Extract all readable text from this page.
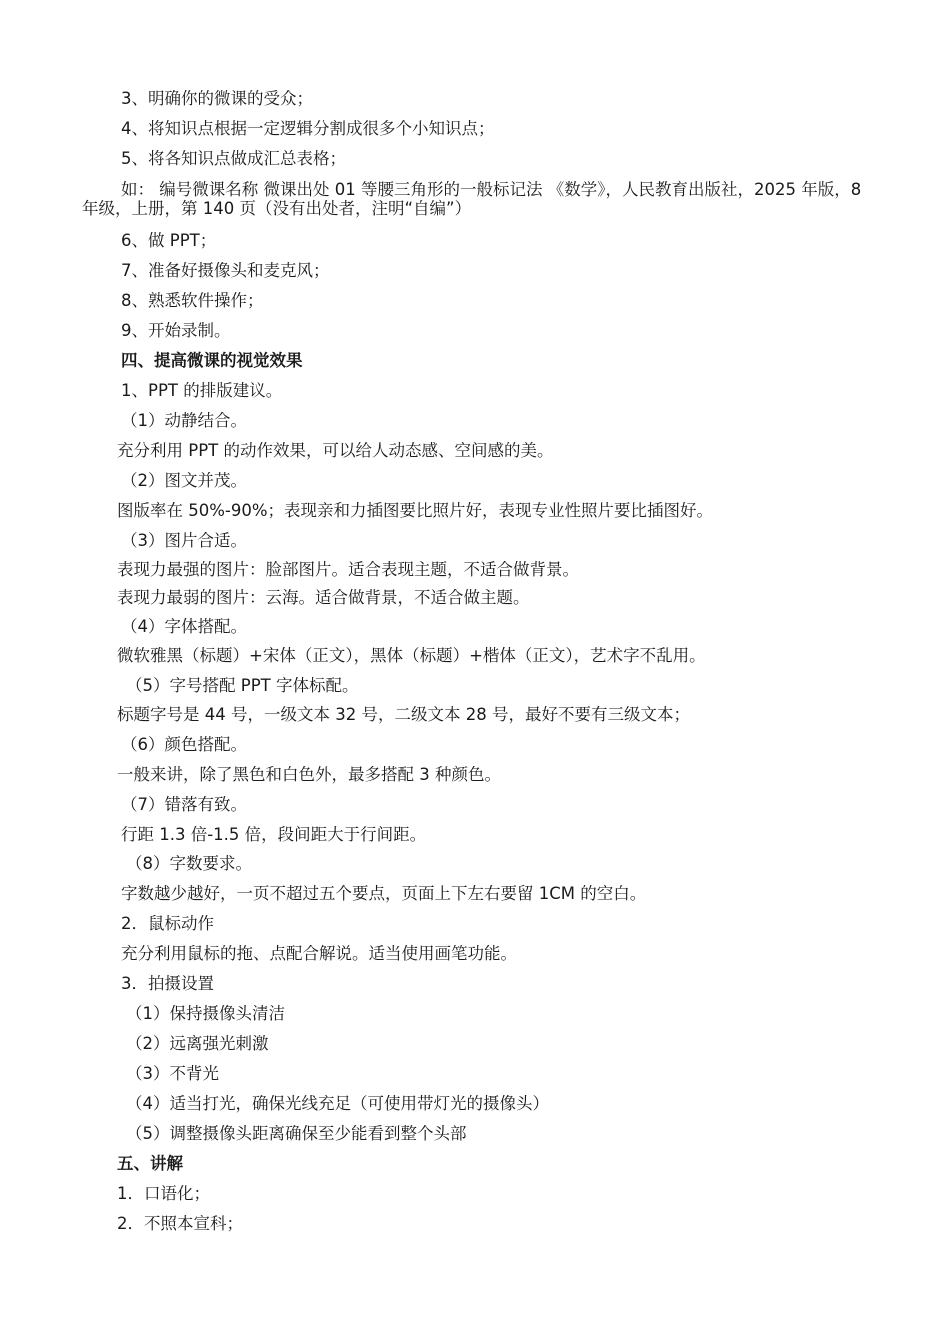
3、明确你的微课的受众；
4、将知识点根据一定逻辑分割成很多个小知识点；
5、将各知识点做成汇总表格；
如： 编号微课名称 微课出处 01 等腰三角形的一般标记法 《数学》，人民教育出版社，2025 年版，8 年级，上册，第 140 页（没有出处者，注明“自编”）
6、做 PPT；
7、准备好摄像头和麦克风；
8、熟悉软件操作；
9、开始录制。
四、提高微课的视觉效果
1、PPT 的排版建议。
（1）动静结合。
充分利用 PPT 的动作效果，可以给人动态感、空间感的美。
（2）图文并茂。
图版率在 50%-90%；表现亲和力插图要比照片好，表现专业性照片要比插图好。
（3）图片合适。
表现力最强的图片：脸部图片。适合表现主题，不适合做背景。
表现力最弱的图片：云海。适合做背景，不适合做主题。
（4）字体搭配。
微软雅黑（标题）+宋体（正文），黑体（标题）+楷体（正文），艺术字不乱用。
（5）字号搭配 PPT 字体标配。
标题字号是 44 号，一级文本 32 号，二级文本 28 号，最好不要有三级文本；
（6）颜色搭配。
一般来讲，除了黑色和白色外，最多搭配 3 种颜色。
（7）错落有致。
行距 1.3 倍-1.5 倍，段间距大于行间距。
（8）字数要求。
字数越少越好，一页不超过五个要点，页面上下左右要留 1CM 的空白。
2．鼠标动作
充分利用鼠标的拖、点配合解说。适当使用画笔功能。
3．拍摄设置
（1）保持摄像头清洁
（2）远离强光刺激
（3）不背光
（4）适当打光，确保光线充足（可使用带灯光的摄像头）
（5）调整摄像头距离确保至少能看到整个头部
五、讲解
1．口语化；
2．不照本宣科；
